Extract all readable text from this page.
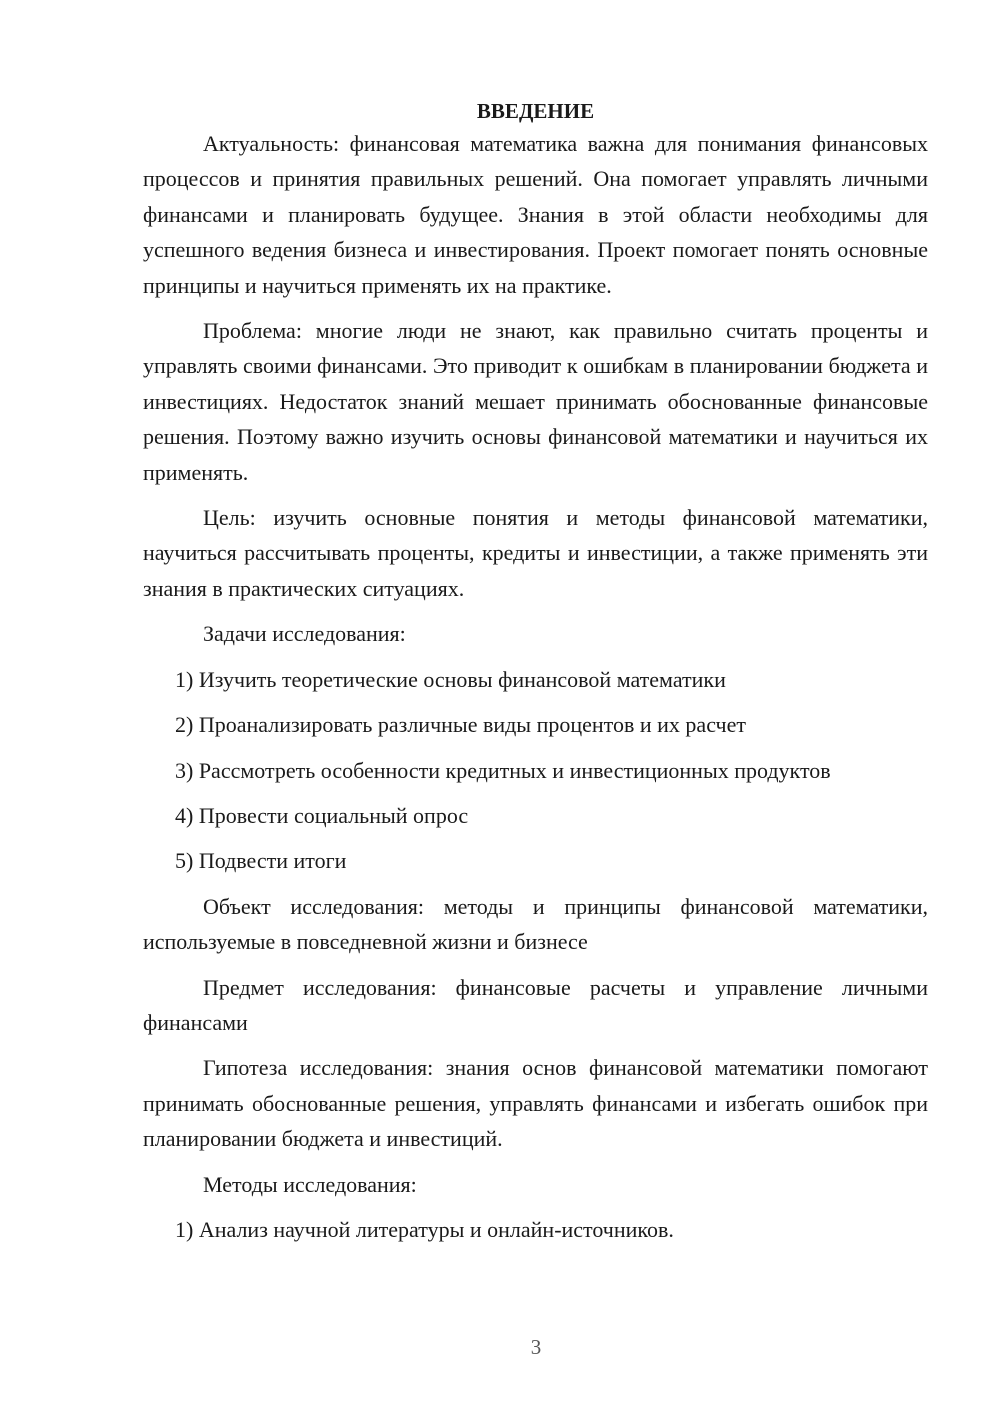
ВВЕДЕНИЕ

Актуальность: финансовая математика важна для понимания финансовых процессов и принятия правильных решений. Она помогает управлять личными финансами и планировать будущее. Знания в этой области необходимы для успешного ведения бизнеса и инвестирования. Проект помогает понять основные принципы и научиться применять их на практике.

Проблема: многие люди не знают, как правильно считать проценты и управлять своими финансами. Это приводит к ошибкам в планировании бюджета и инвестициях. Недостаток знаний мешает принимать обоснованные финансовые решения. Поэтому важно изучить основы финансовой математики и научиться их применять.

Цель: изучить основные понятия и методы финансовой математики, научиться рассчитывать проценты, кредиты и инвестиции, а также применять эти знания в практических ситуациях.

Задачи исследования:

1) Изучить теоретические основы финансовой математики
2) Проанализировать различные виды процентов и их расчет
3) Рассмотреть особенности кредитных и инвестиционных продуктов
4) Провести социальный опрос
5) Подвести итоги

Объект исследования: методы и принципы финансовой математики, используемые в повседневной жизни и бизнесе

Предмет исследования: финансовые расчеты и управление личными финансами

Гипотеза исследования: знания основ финансовой математики помогают принимать обоснованные решения, управлять финансами и избегать ошибок при планировании бюджета и инвестиций.

Методы исследования:

1) Анализ научной литературы и онлайн-источников.
3
